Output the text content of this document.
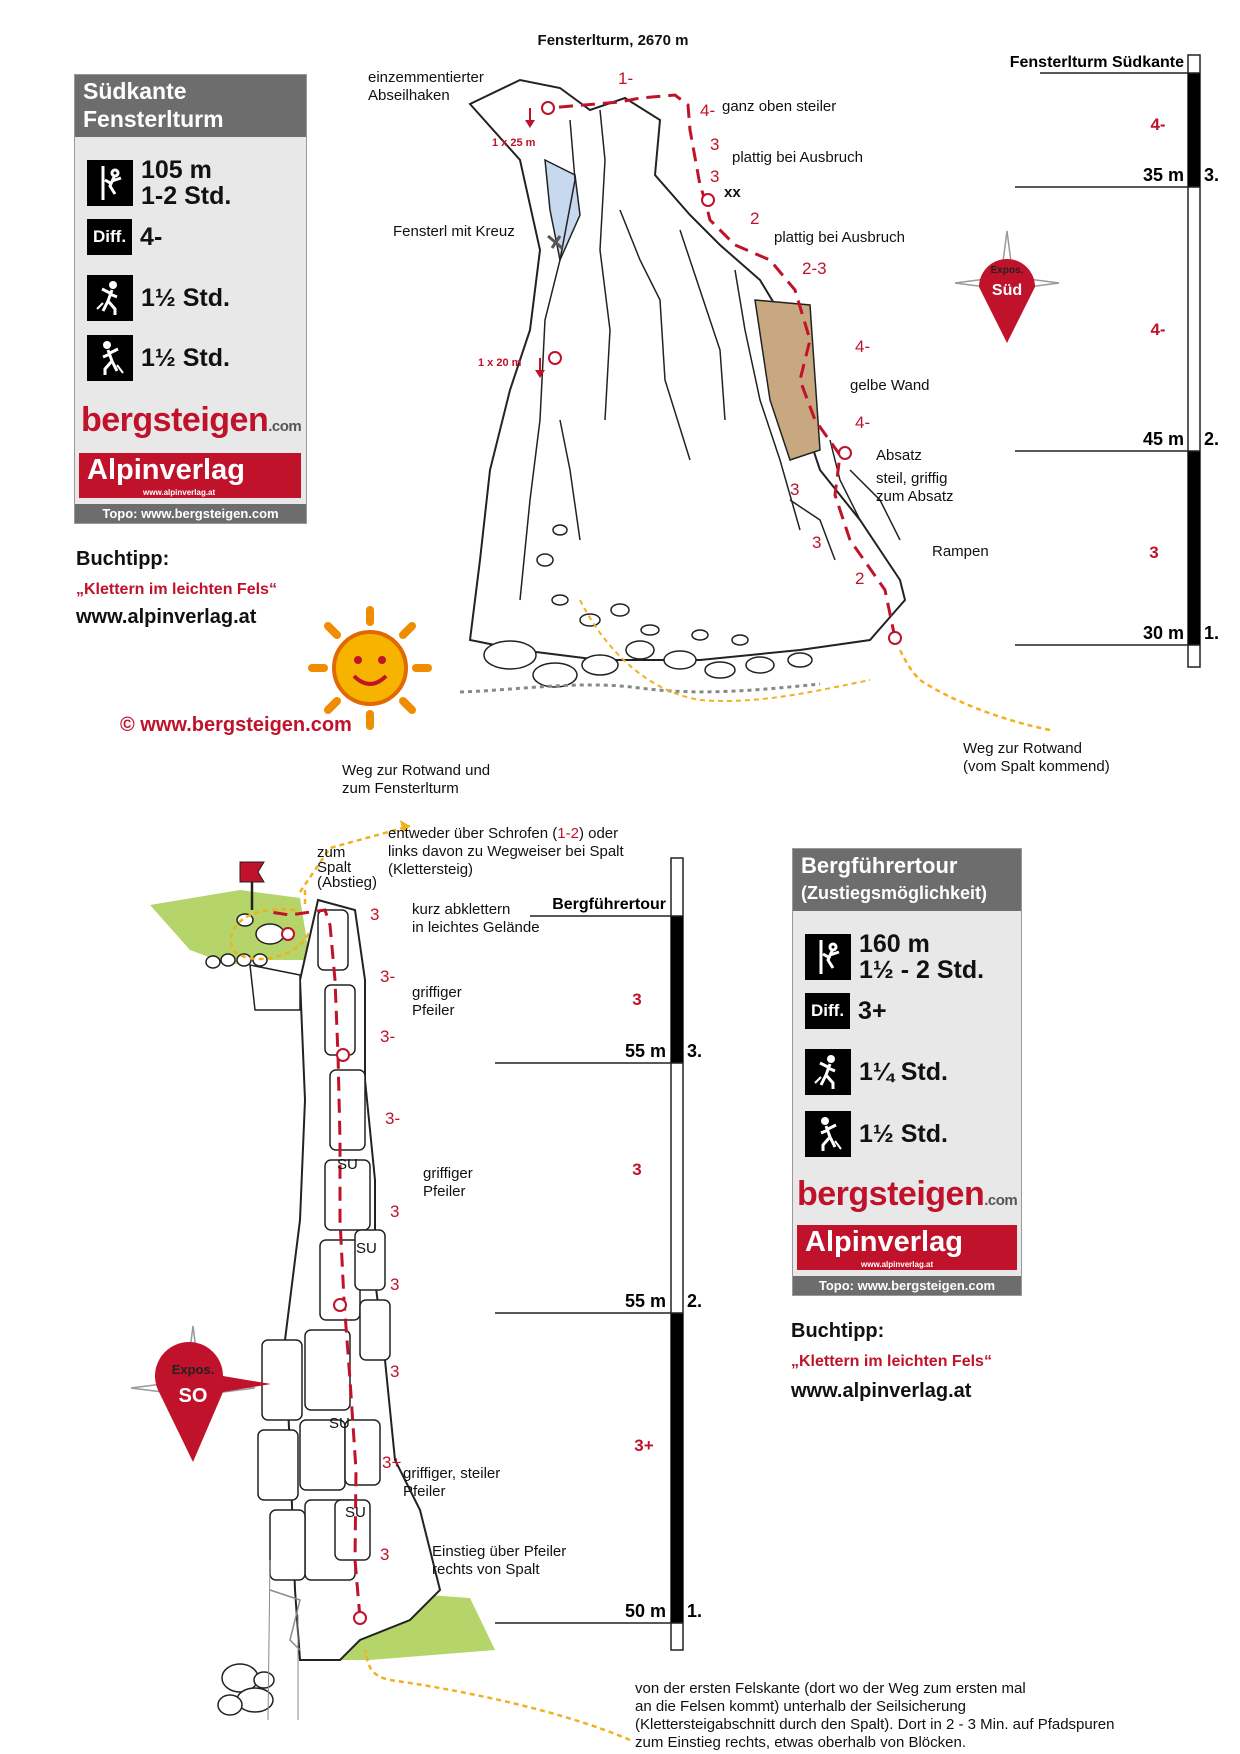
Fensterlturm, 2670 m
einzemmentierter Abseilhaken
1 x 25 m
1 x 20 m
Fensterl mit Kreuz
ganz oben steiler
plattig bei Ausbruch
plattig bei Ausbruch
gelbe Wand
Absatz
steil, griffig zum Absatz
Rampen
Weg zur Rotwand (vom Spalt kommend)
xx
1-
4-
3
3
2
2-3
4-
4-
3
3
2
Expos.
Süd
Fensterlturm Südkante
4-
35 m 3.
4-
45 m 2.
3
30 m 1.
Weg zur Rotwand und zum Fensterlturm
zum Spalt (Abstieg)
entweder über Schrofen (1-2) oder links davon zu Wegweiser bei Spalt (Klettersteig)
kurz abklettern in leichtes Gelände
griffiger Pfeiler
griffiger Pfeiler
griffiger, steiler Pfeiler
Einstieg über Pfeiler rechts von Spalt
von der ersten Felskante (dort wo der Weg zum ersten mal an die Felsen kommt) unterhalb der Seilsicherung (Klettersteigabschnitt durch den Spalt). Dort in 2 - 3 Min. auf Pfadspuren zum Einstieg rechts, etwas oberhalb von Blöcken.
SU
SU
SU
SU
3
3-
3-
3-
3
3
3
3+
3
Expos.
SO
Bergführertour
3
55 m 3.
3
55 m 2.
3+
50 m 1.
Südkante
Fensterlturm
105 m
1-2 Std.
Diff. 4-
1½ Std.
1½ Std.
bergsteigen.com
Alpinverlag
www.alpinverlag.at
Topo: www.bergsteigen.com
Buchtipp:
„Klettern im leichten Fels“
www.alpinverlag.at
© www.bergsteigen.com
Bergführertour
(Zustiegsmöglichkeit)
160 m
1½ - 2 Std.
Diff. 3+
1¼ Std.
1½ Std.
bergsteigen.com
Alpinverlag
www.alpinverlag.at
Topo: www.bergsteigen.com
Buchtipp:
„Klettern im leichten Fels“
www.alpinverlag.at
